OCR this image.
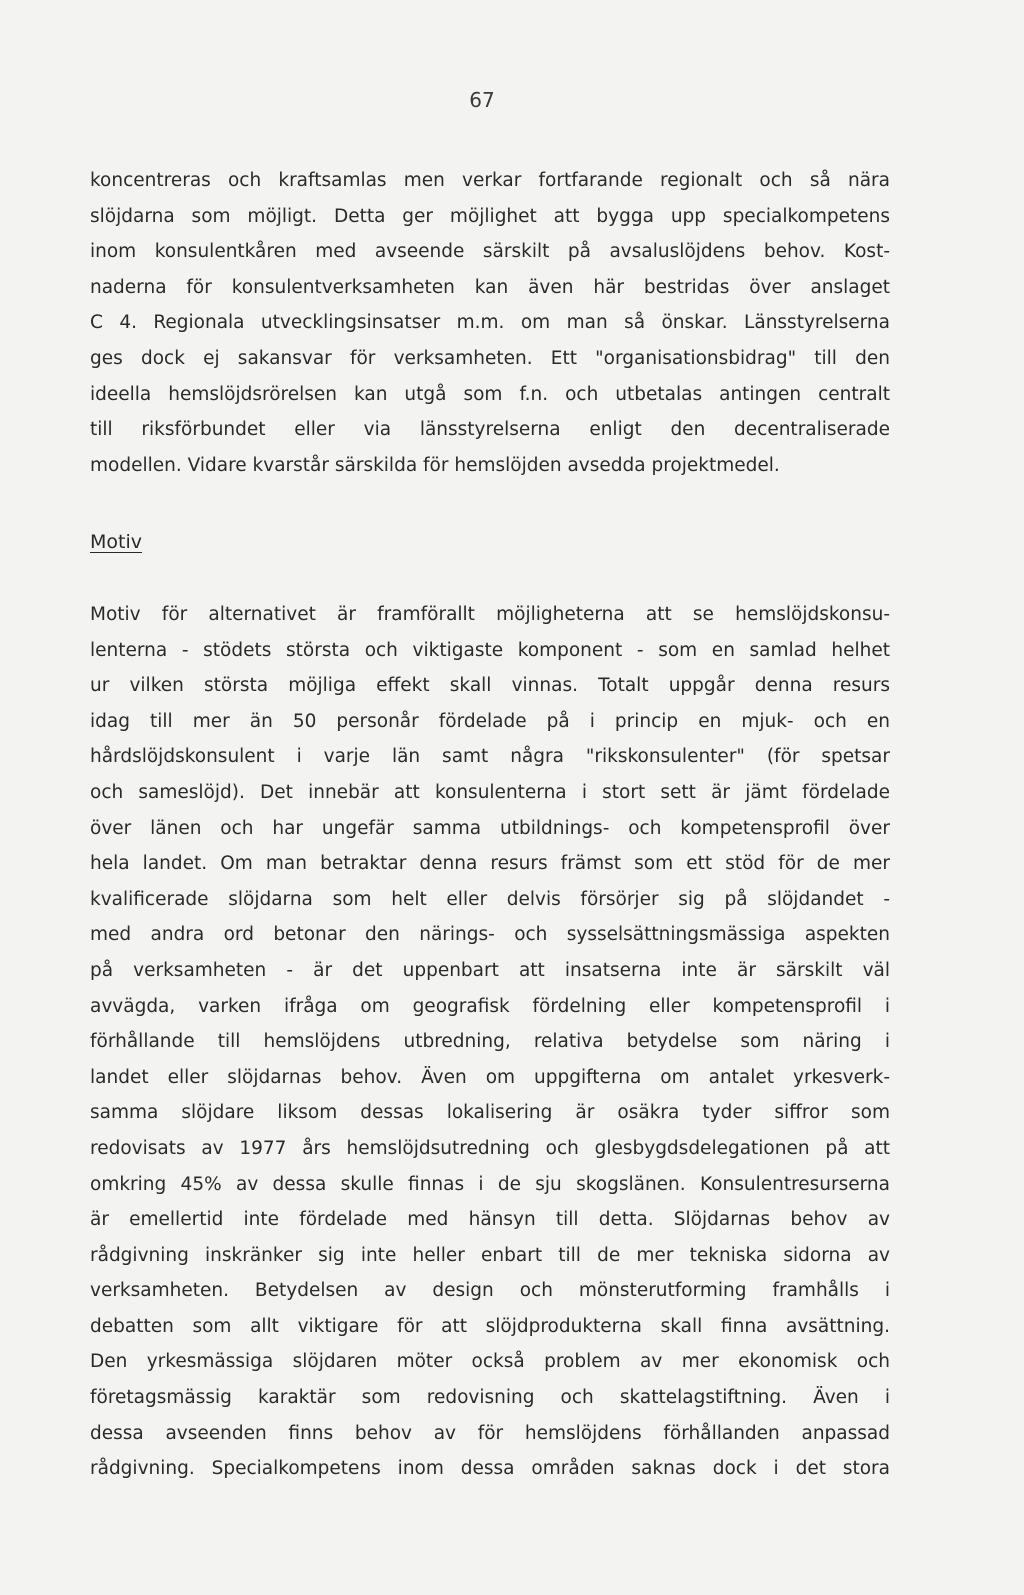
67
koncentreras och kraftsamlas men verkar fortfarande regionalt och så nära
slöjdarna som möjligt. Detta ger möjlighet att bygga upp specialkompetens
inom konsulentkåren med avseende särskilt på avsaluslöjdens behov. Kost-
naderna för konsulentverksamheten kan även här bestridas över anslaget
C 4. Regionala utvecklingsinsatser m.m. om man så önskar. Länsstyrelserna
ges dock ej sakansvar för verksamheten. Ett "organisationsbidrag" till den
ideella hemslöjdsrörelsen kan utgå som f.n. och utbetalas antingen centralt
till riksförbundet eller via länsstyrelserna enligt den decentraliserade
modellen. Vidare kvarstår särskilda för hemslöjden avsedda projektmedel.
Motiv
Motiv för alternativet är framförallt möjligheterna att se hemslöjdskonsu-
lenterna - stödets största och viktigaste komponent - som en samlad helhet
ur vilken största möjliga effekt skall vinnas. Totalt uppgår denna resurs
idag till mer än 50 personår fördelade på i princip en mjuk- och en
hårdslöjdskonsulent i varje län samt några "rikskonsulenter" (för spetsar
och sameslöjd). Det innebär att konsulenterna i stort sett är jämt fördelade
över länen och har ungefär samma utbildnings- och kompetensprofil över
hela landet. Om man betraktar denna resurs främst som ett stöd för de mer
kvalificerade slöjdarna som helt eller delvis försörjer sig på slöjdandet -
med andra ord betonar den närings- och sysselsättningsmässiga aspekten
på verksamheten - är det uppenbart att insatserna inte är särskilt väl
avvägda, varken ifråga om geografisk fördelning eller kompetensprofil i
förhållande till hemslöjdens utbredning, relativa betydelse som näring i
landet eller slöjdarnas behov. Även om uppgifterna om antalet yrkesverk-
samma slöjdare liksom dessas lokalisering är osäkra tyder siffror som
redovisats av 1977 års hemslöjdsutredning och glesbygdsdelegationen på att
omkring 45% av dessa skulle finnas i de sju skogslänen. Konsulentresurserna
är emellertid inte fördelade med hänsyn till detta. Slöjdarnas behov av
rådgivning inskränker sig inte heller enbart till de mer tekniska sidorna av
verksamheten. Betydelsen av design och mönsterutforming framhålls i
debatten som allt viktigare för att slöjdprodukterna skall finna avsättning.
Den yrkesmässiga slöjdaren möter också problem av mer ekonomisk och
företagsmässig karaktär som redovisning och skattelagstiftning. Även i
dessa avseenden finns behov av för hemslöjdens förhållanden anpassad
rådgivning. Specialkompetens inom dessa områden saknas dock i det stora
